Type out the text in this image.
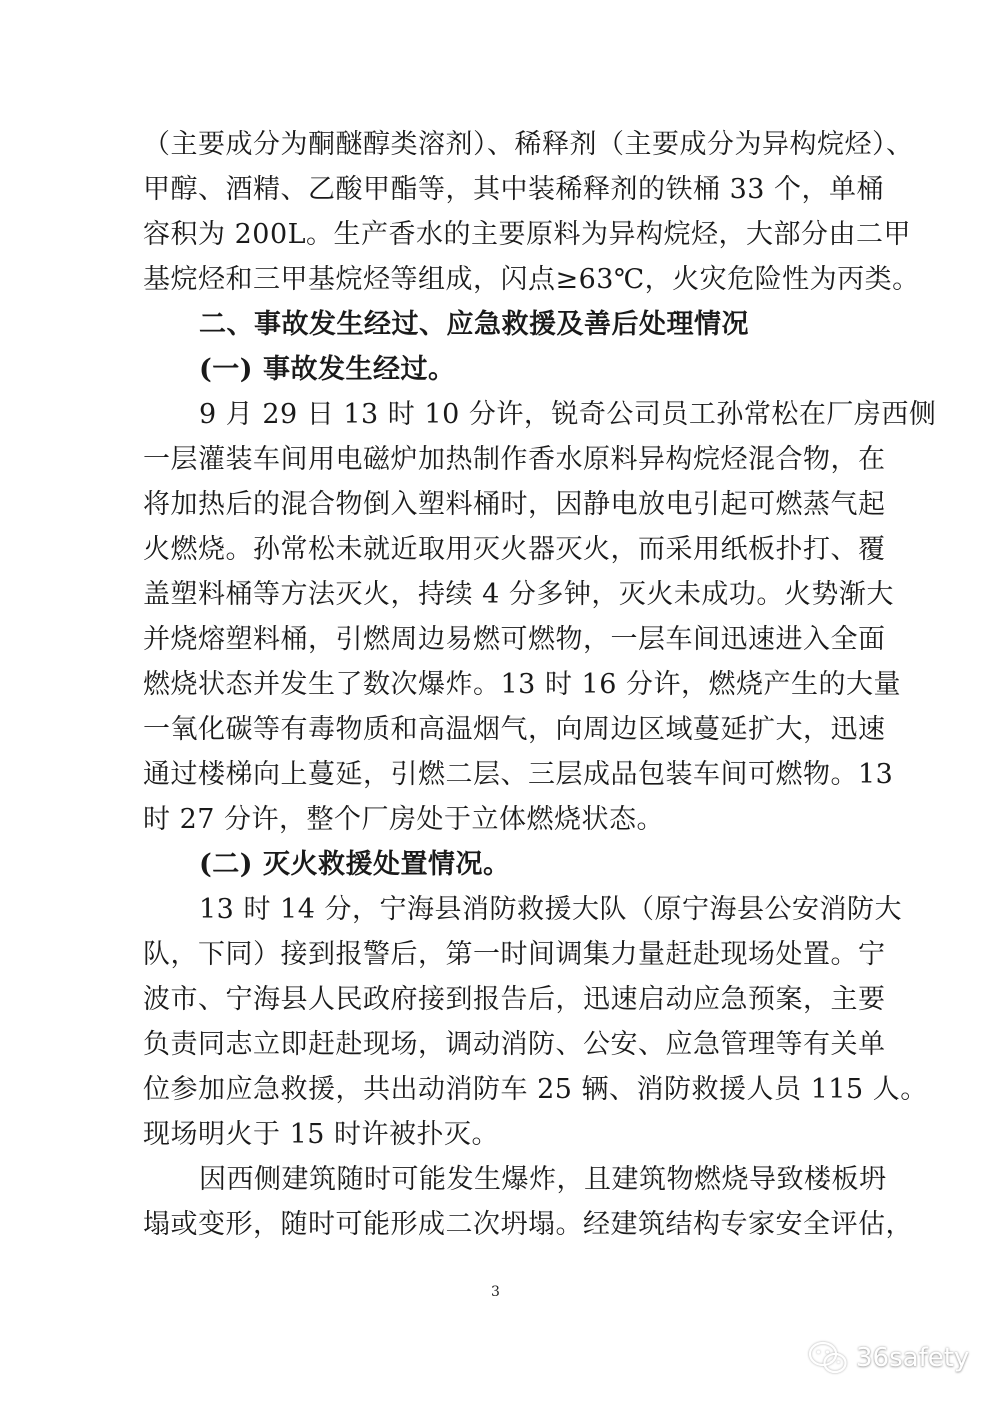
（主要成分为酮醚醇类溶剂）、稀释剂（主要成分为异构烷烃）、
甲醇、酒精、乙酸甲酯等，其中装稀释剂的铁桶 33 个，单桶
容积为 200L。生产香水的主要原料为异构烷烃，大部分由二甲
基烷烃和三甲基烷烃等组成，闪点≥63℃，火灾危险性为丙类。
二、事故发生经过、应急救援及善后处理情况
(一) 事故发生经过。
9 月 29 日 13 时 10 分许，锐奇公司员工孙常松在厂房西侧
一层灌装车间用电磁炉加热制作香水原料异构烷烃混合物，在
将加热后的混合物倒入塑料桶时，因静电放电引起可燃蒸气起
火燃烧。孙常松未就近取用灭火器灭火，而采用纸板扑打、覆
盖塑料桶等方法灭火，持续 4 分多钟，灭火未成功。火势渐大
并烧熔塑料桶，引燃周边易燃可燃物，一层车间迅速进入全面
燃烧状态并发生了数次爆炸。13 时 16 分许，燃烧产生的大量
一氧化碳等有毒物质和高温烟气，向周边区域蔓延扩大，迅速
通过楼梯向上蔓延，引燃二层、三层成品包装车间可燃物。13
时 27 分许，整个厂房处于立体燃烧状态。
(二) 灭火救援处置情况。
13 时 14 分，宁海县消防救援大队（原宁海县公安消防大
队，下同）接到报警后，第一时间调集力量赶赴现场处置。宁
波市、宁海县人民政府接到报告后，迅速启动应急预案，主要
负责同志立即赶赴现场，调动消防、公安、应急管理等有关单
位参加应急救援，共出动消防车 25 辆、消防救援人员 115 人。
现场明火于 15 时许被扑灭。
因西侧建筑随时可能发生爆炸，且建筑物燃烧导致楼板坍
塌或变形，随时可能形成二次坍塌。经建筑结构专家安全评估，
3
36safety
